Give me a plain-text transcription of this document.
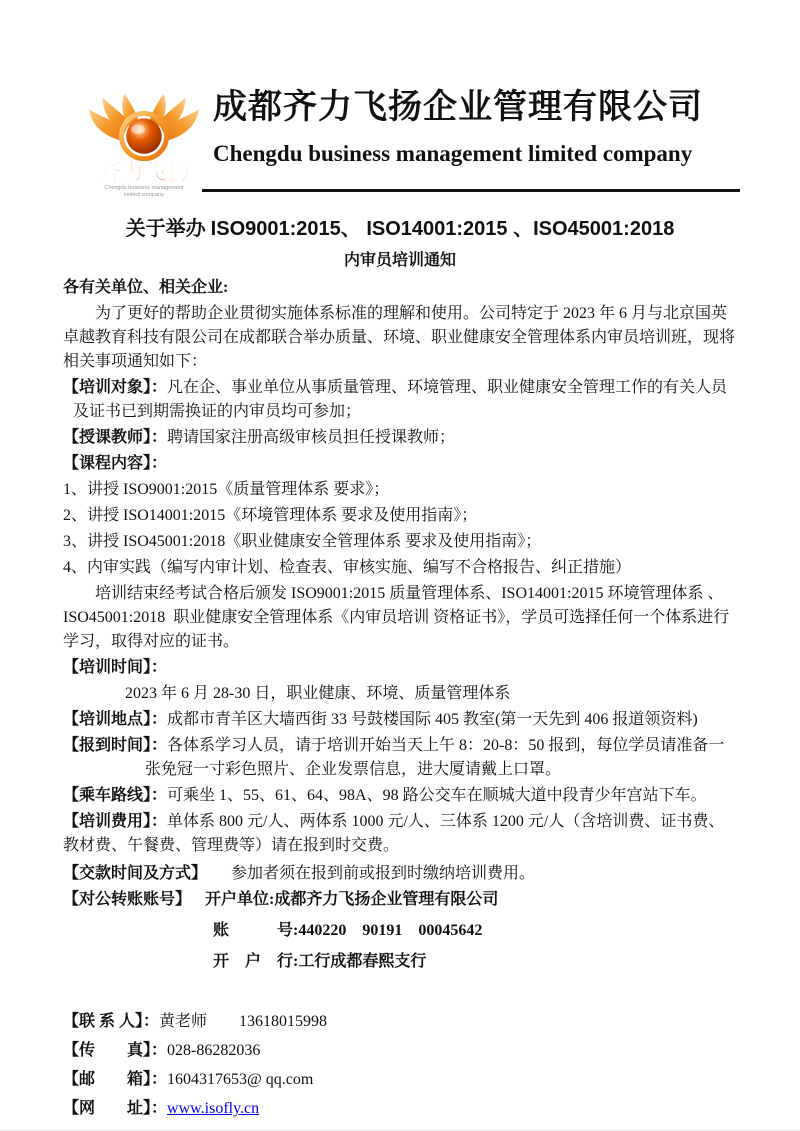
齐力飞扬
Chengdu business management
limited company
成都齐力飞扬企业管理有限公司
Chengdu business management limited company
关于举办 ISO9001:2015、 ISO14001:2015 、ISO45001:2018
内审员培训通知
各有关单位、相关企业:

为了更好的帮助企业贯彻实施体系标准的理解和使用。公司特定于 2023 年 6 月与北京国英卓越教育科技有限公司在成都联合举办质量、环境、职业健康安全管理体系内审员培训班，现将相关事项通知如下：

【培训对象】：凡在企、事业单位从事质量管理、环境管理、职业健康安全管理工作的有关人员及证书已到期需换证的内审员均可参加；

【授课教师】：聘请国家注册高级审核员担任授课教师；

【课程内容】：

1、讲授 ISO9001:2015《质量管理体系 要求》；

2、讲授 ISO14001:2015《环境管理体系 要求及使用指南》；

3、讲授 ISO45001:2018《职业健康安全管理体系 要求及使用指南》；

4、内审实践（编写内审计划、检查表、审核实施、编写不合格报告、纠正措施）

培训结束经考试合格后颁发 ISO9001:2015 质量管理体系、ISO14001:2015 环境管理体系 、ISO45001:2018  职业健康安全管理体系《内审员培训 资格证书》，学员可选择任何一个体系进行学习，取得对应的证书。

【培训时间】：

2023 年 6 月 28-30 日，职业健康、环境、质量管理体系

【培训地点】：成都市青羊区大墙西街 33 号鼓楼国际 405 教室(第一天先到 406 报道领资料)

【报到时间】：各体系学习人员，请于培训开始当天上午 8：20-8：50 报到，每位学员请准备一张免冠一寸彩色照片、企业发票信息，进大厦请戴上口罩。

【乘车路线】：可乘坐 1、55、61、64、98A、98 路公交车在顺城大道中段青少年宫站下车。

【培训费用】：单体系 800 元/人、两体系 1000 元/人、三体系 1200 元/人（含培训费、证书费、教材费、午餐费、管理费等）请在报到时交费。

【交款时间及方式】　　参加者须在报到前或报到时缴纳培训费用。

【对公转账账号】 开户单位:成都齐力飞扬企业管理有限公司

账　　　号:440220　90191　00045642

开　户　行:工行成都春熙支行

【联 系 人】：黄老师　　13618015998
【传　　真】：028-86282036
【邮　　箱】：1604317653@ qq.com
【网　　址】：www.isofly.cn
